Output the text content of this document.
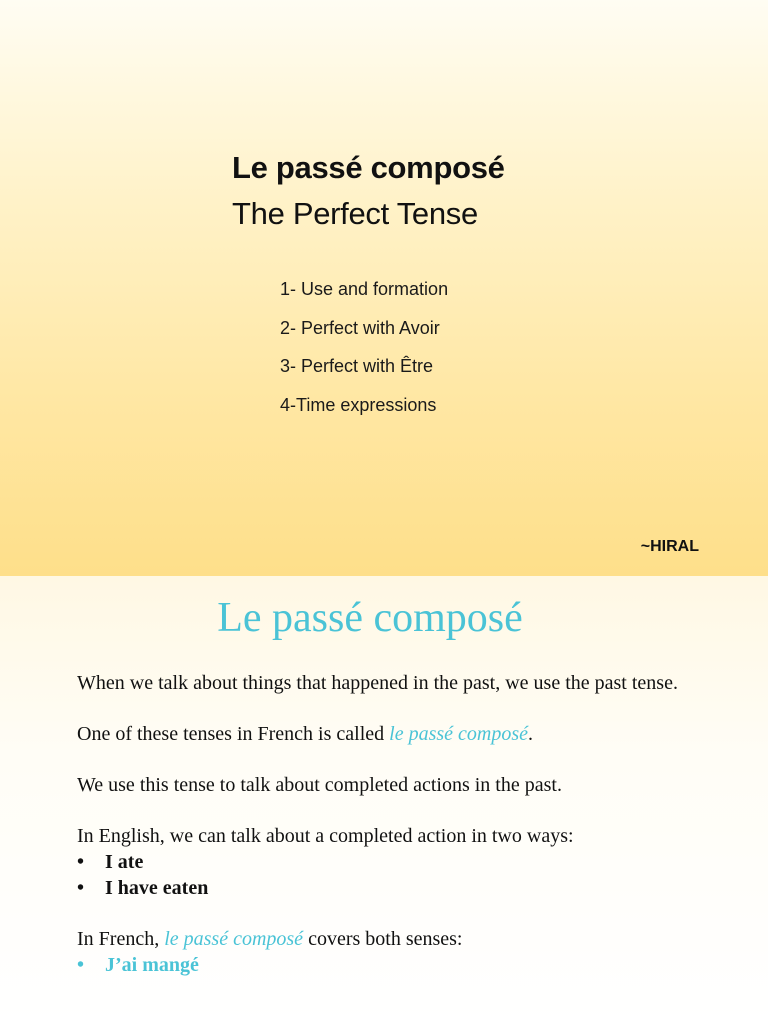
Le passé composé
The Perfect Tense
1- Use and formation
2- Perfect with Avoir
3- Perfect with Être
4-Time expressions

~HIRAL

Le passé composé

When we talk about things that happened in the past, we use the past tense.

One of these tenses in French is called le passé composé.

We use this tense to talk about completed actions in the past.

In English, we can talk about a completed action in two ways:

• I ate
• I have eaten

In French, le passé composé covers both senses:

• J’ai mangé
